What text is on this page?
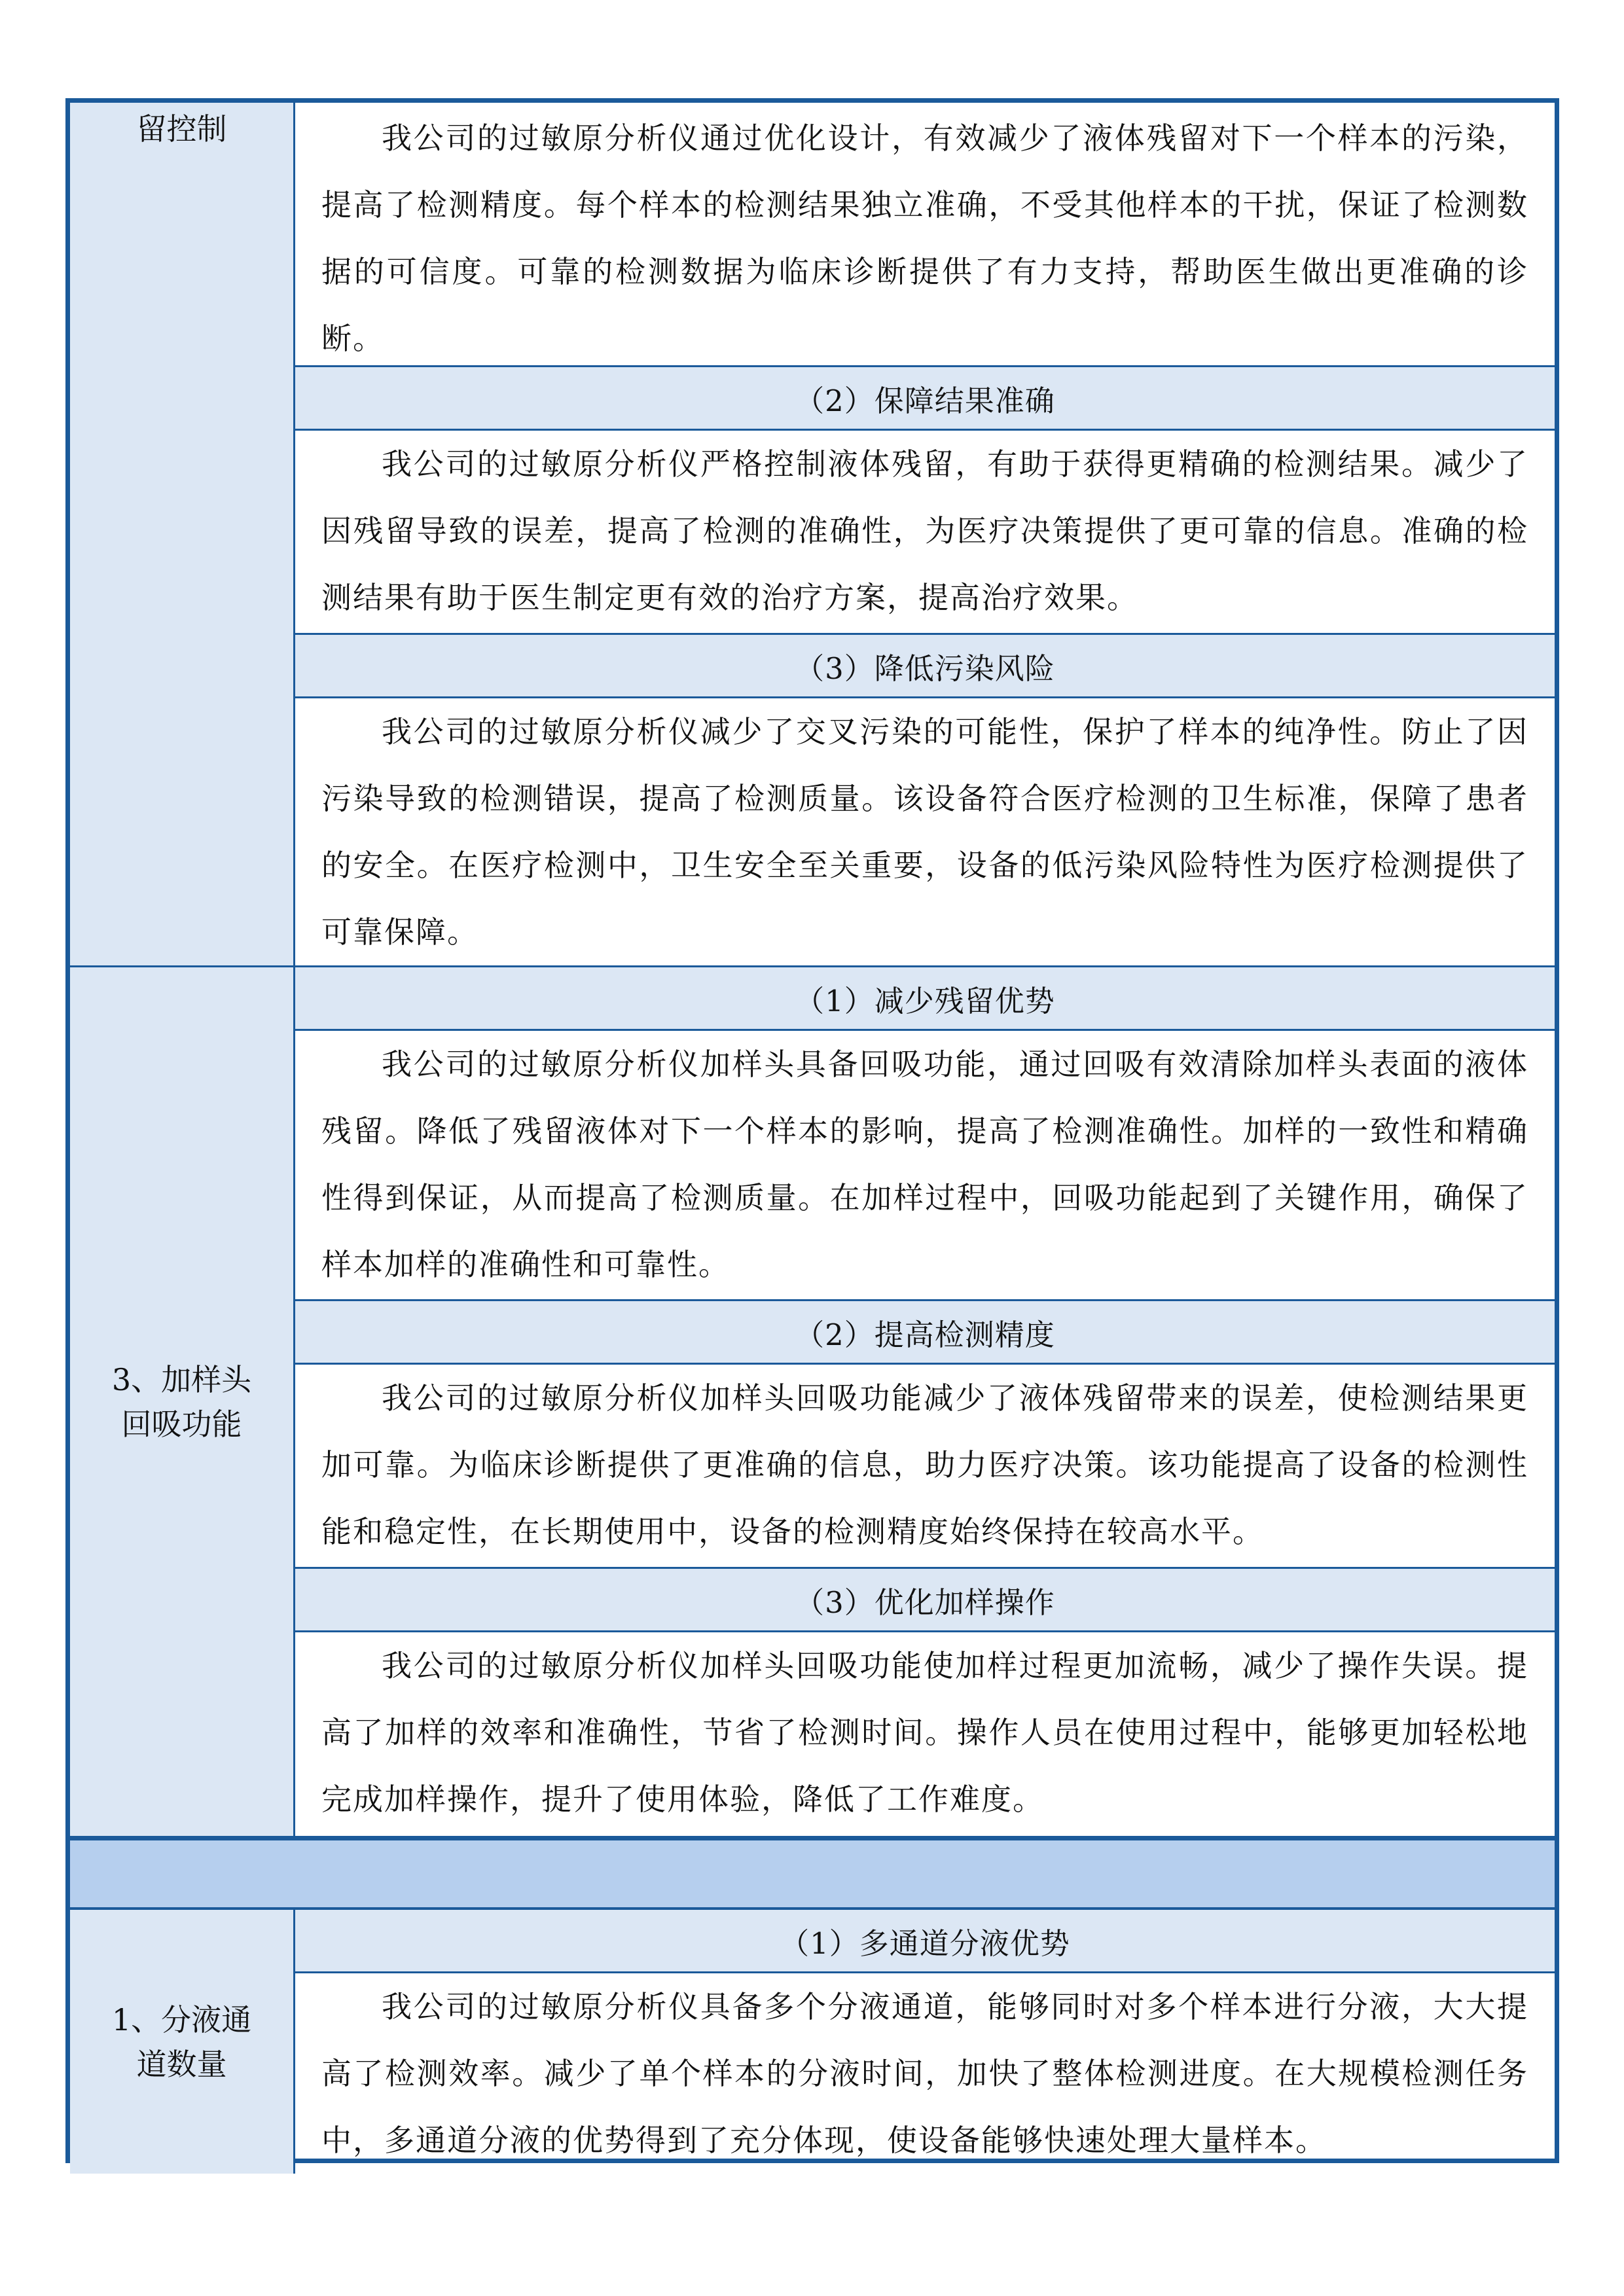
留控制	我公司的过敏原分析仪通过优化设计，有效减少了液体残留对下一个样本的污染，提高了检测精度。每个样本的检测结果独立准确，不受其他样本的干扰，保证了检测数据的可信度。可靠的检测数据为临床诊断提供了有力支持，帮助医生做出更准确的诊断。
（2）保障结果准确
我公司的过敏原分析仪严格控制液体残留，有助于获得更精确的检测结果。减少了因残留导致的误差，提高了检测的准确性，为医疗决策提供了更可靠的信息。准确的检测结果有助于医生制定更有效的治疗方案，提高治疗效果。
（3）降低污染风险
我公司的过敏原分析仪减少了交叉污染的可能性，保护了样本的纯净性。防止了因污染导致的检测错误，提高了检测质量。该设备符合医疗检测的卫生标准，保障了患者的安全。在医疗检测中，卫生安全至关重要，设备的低污染风险特性为医疗检测提供了可靠保障。
3、加样头
回吸功能
（1）减少残留优势
我公司的过敏原分析仪加样头具备回吸功能，通过回吸有效清除加样头表面的液体残留。降低了残留液体对下一个样本的影响，提高了检测准确性。加样的一致性和精确性得到保证，从而提高了检测质量。在加样过程中，回吸功能起到了关键作用，确保了样本加样的准确性和可靠性。
（2）提高检测精度
我公司的过敏原分析仪加样头回吸功能减少了液体残留带来的误差，使检测结果更加可靠。为临床诊断提供了更准确的信息，助力医疗决策。该功能提高了设备的检测性能和稳定性，在长期使用中，设备的检测精度始终保持在较高水平。
（3）优化加样操作
我公司的过敏原分析仪加样头回吸功能使加样过程更加流畅，减少了操作失误。提高了加样的效率和准确性，节省了检测时间。操作人员在使用过程中，能够更加轻松地完成加样操作，提升了使用体验，降低了工作难度。
1、分液通
道数量
（1）多通道分液优势
我公司的过敏原分析仪具备多个分液通道，能够同时对多个样本进行分液，大大提高了检测效率。减少了单个样本的分液时间，加快了整体检测进度。在大规模检测任务中，多通道分液的优势得到了充分体现，使设备能够快速处理大量样本。
